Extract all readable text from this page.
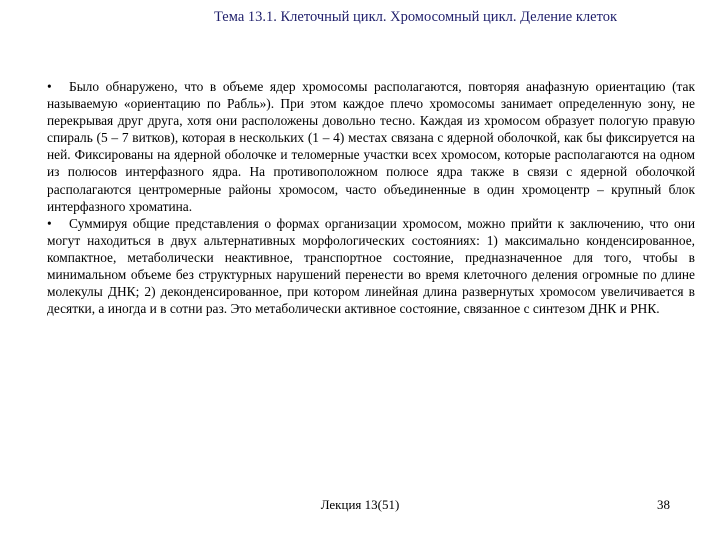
Тема 13.1. Клеточный цикл. Хромосомный цикл. Деление клеток

• Было обнаружено, что в объеме ядер хромосомы располагаются, повторяя анафазную ориентацию (так называемую «ориентацию по Рабль»). При этом каждое плечо хромосомы занимает определенную зону, не перекрывая друг друга, хотя они расположены довольно тесно. Каждая из хромосом образует пологую правую спираль (5 – 7 витков), которая в нескольких (1 – 4) местах связана с ядерной оболочкой, как бы фиксируется на ней. Фиксированы на ядерной оболочке и теломерные участки всех хромосом, которые располагаются на одном из полюсов интерфазного ядра. На противоположном полюсе ядра также в связи с ядерной оболочкой располагаются центромерные районы хромосом, часто объединенные в один хромоцентр – крупный блок интерфазного хроматина.

• Суммируя общие представления о формах организации хромосом, можно прийти к заключению, что они могут находиться в двух альтернативных морфологических состояниях: 1) максимально конденсированное, компактное, метаболически неактивное, транспортное состояние, предназначенное для того, чтобы в минимальном объеме без структурных нарушений перенести во время клеточного деления огромные по длине молекулы ДНК; 2) деконденсированное, при котором линейная длина развернутых хромосом увеличивается в десятки, а иногда и в сотни раз. Это метаболически активное состояние, связанное с синтезом ДНК и РНК.

Лекция 13(51)	38
